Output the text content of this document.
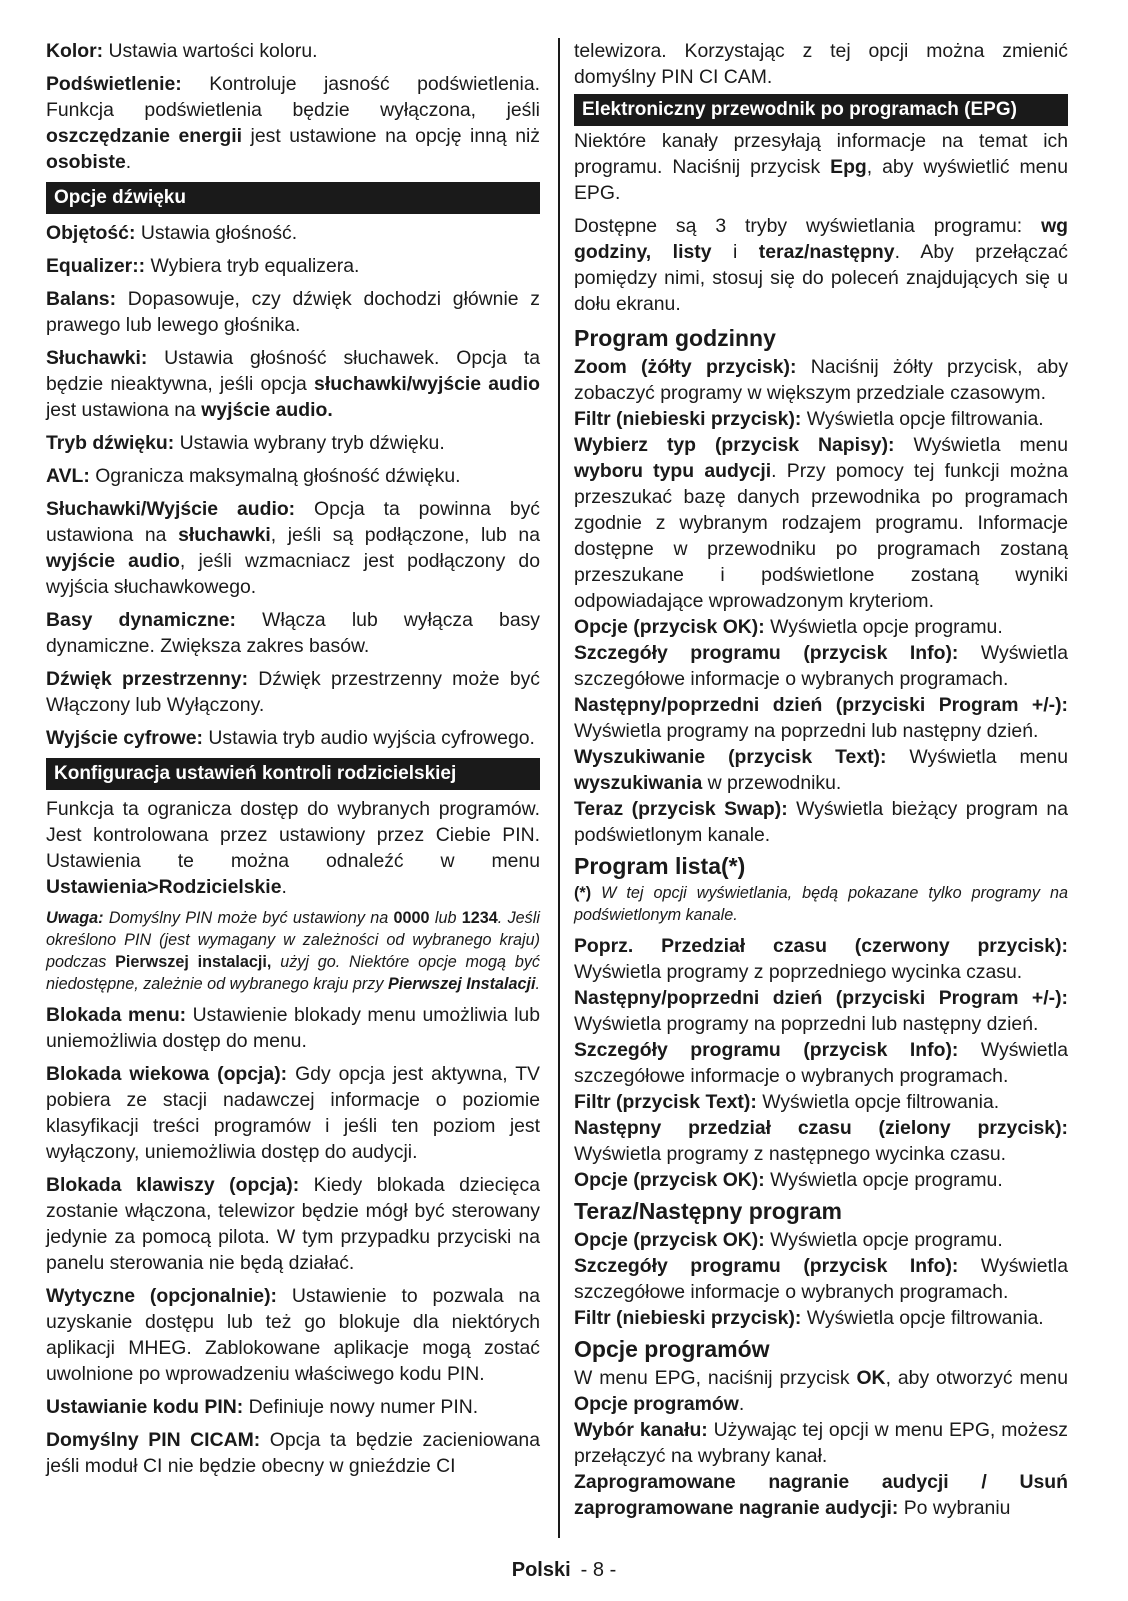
Kolor: Ustawia wartości koloru.

Podświetlenie: Kontroluje jasność podświetlenia. Funkcja podświetlenia będzie wyłączona, jeśli oszczędzanie energii jest ustawione na opcję inną niż osobiste.

Opcje dźwięku

Objętość: Ustawia głośność.

Equalizer:: Wybiera tryb equalizera.

Balans: Dopasowuje, czy dźwięk dochodzi głównie z prawego lub lewego głośnika.

Słuchawki: Ustawia głośność słuchawek. Opcja ta będzie nieaktywna, jeśli opcja słuchawki/wyjście audio jest ustawiona na wyjście audio.

Tryb dźwięku: Ustawia wybrany tryb dźwięku.

AVL: Ogranicza maksymalną głośność dźwięku.

Słuchawki/Wyjście audio: Opcja ta powinna być ustawiona na słuchawki, jeśli są podłączone, lub na wyjście audio, jeśli wzmacniacz jest podłączony do wyjścia słuchawkowego.

Basy dynamiczne: Włącza lub wyłącza basy dynamiczne. Zwiększa zakres basów.

Dźwięk przestrzenny: Dźwięk przestrzenny może być Włączony lub Wyłączony.

Wyjście cyfrowe: Ustawia tryb audio wyjścia cyfrowego.

Konfiguracja ustawień kontroli rodzicielskiej

Funkcja ta ogranicza dostęp do wybranych programów. Jest kontrolowana przez ustawiony przez Ciebie PIN. Ustawienia te można odnaleźć w menu Ustawienia>Rodzicielskie.

Uwaga: Domyślny PIN może być ustawiony na 0000 lub 1234. Jeśli określono PIN (jest wymagany w zależności od wybranego kraju) podczas Pierwszej instalacji, użyj go. Niektóre opcje mogą być niedostępne, zależnie od wybranego kraju przy Pierwszej Instalacji.

Blokada menu: Ustawienie blokady menu umożliwia lub uniemożliwia dostęp do menu.

Blokada wiekowa (opcja): Gdy opcja jest aktywna, TV pobiera ze stacji nadawczej informacje o poziomie klasyfikacji treści programów i jeśli ten poziom jest wyłączony, uniemożliwia dostęp do audycji.

Blokada klawiszy (opcja): Kiedy blokada dziecięca zostanie włączona, telewizor będzie mógł być sterowany jedynie za pomocą pilota. W tym przypadku przyciski na panelu sterowania nie będą działać.

Wytyczne (opcjonalnie): Ustawienie to pozwala na uzyskanie dostępu lub też go blokuje dla niektórych aplikacji MHEG. Zablokowane aplikacje mogą zostać uwolnione po wprowadzeniu właściwego kodu PIN.

Ustawianie kodu PIN: Definiuje nowy numer PIN.

Domyślny PIN CICAM: Opcja ta będzie zacieniowana jeśli moduł CI nie będzie obecny w gnieździe CI

telewizora. Korzystając z tej opcji można zmienić domyślny PIN CI CAM.

Elektroniczny przewodnik po programach (EPG)

Niektóre kanały przesyłają informacje na temat ich programu. Naciśnij przycisk Epg, aby wyświetlić menu EPG.

Dostępne są 3 tryby wyświetlania programu: wg godziny, listy i teraz/następny. Aby przełączać pomiędzy nimi, stosuj się do poleceń znajdujących się u dołu ekranu.

Program godzinny

Zoom (żółty przycisk): Naciśnij żółty przycisk, aby zobaczyć programy w większym przedziale czasowym.

Filtr (niebieski przycisk): Wyświetla opcje filtrowania.

Wybierz typ (przycisk Napisy): Wyświetla menu wyboru typu audycji. Przy pomocy tej funkcji można przeszukać bazę danych przewodnika po programach zgodnie z wybranym rodzajem programu. Informacje dostępne w przewodniku po programach zostaną przeszukane i podświetlone zostaną wyniki odpowiadające wprowadzonym kryteriom.

Opcje (przycisk OK): Wyświetla opcje programu.

Szczegóły programu (przycisk Info): Wyświetla szczegółowe informacje o wybranych programach.

Następny/poprzedni dzień (przyciski Program +/-): Wyświetla programy na poprzedni lub następny dzień.

Wyszukiwanie (przycisk Text): Wyświetla menu wyszukiwania w przewodniku.

Teraz (przycisk Swap): Wyświetla bieżący program na podświetlonym kanale.

Program lista(*)

(*) W tej opcji wyświetlania, będą pokazane tylko programy na podświetlonym kanale.

Poprz. Przedział czasu (czerwony przycisk): Wyświetla programy z poprzedniego wycinka czasu.

Następny/poprzedni dzień (przyciski Program +/-): Wyświetla programy na poprzedni lub następny dzień.

Szczegóły programu (przycisk Info): Wyświetla szczegółowe informacje o wybranych programach.

Filtr (przycisk Text): Wyświetla opcje filtrowania.

Następny przedział czasu (zielony przycisk): Wyświetla programy z następnego wycinka czasu.

Opcje (przycisk OK): Wyświetla opcje programu.

Teraz/Następny program

Opcje (przycisk OK): Wyświetla opcje programu.

Szczegóły programu (przycisk Info): Wyświetla szczegółowe informacje o wybranych programach.

Filtr (niebieski przycisk): Wyświetla opcje filtrowania.

Opcje programów

W menu EPG, naciśnij przycisk OK, aby otworzyć menu Opcje programów.

Wybór kanału: Używając tej opcji w menu EPG, możesz przełączyć na wybrany kanał.

Zaprogramowane nagranie audycji / Usuń zaprogramowane nagranie audycji: Po wybraniu

Polski - 8 -
